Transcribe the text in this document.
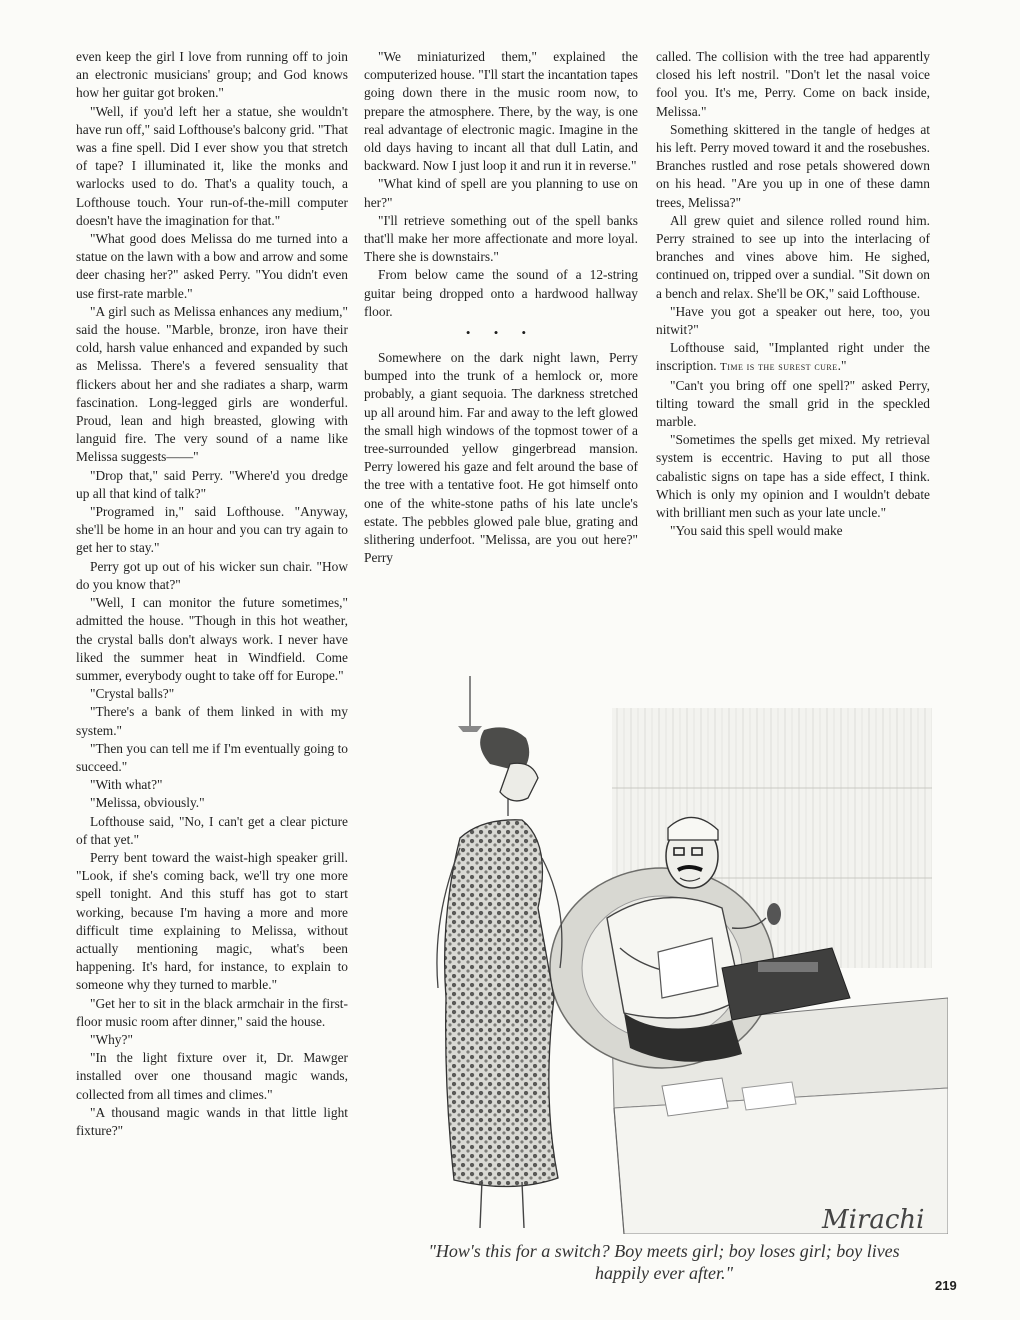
even keep the girl I love from running off to join an electronic musicians' group; and God knows how her guitar got broken."

"Well, if you'd left her a statue, she wouldn't have run off," said Lofthouse's balcony grid. "That was a fine spell. Did I ever show you that stretch of tape? I illuminated it, like the monks and warlocks used to do. That's a quality touch, a Lofthouse touch. Your run-of-the-mill computer doesn't have the imagination for that."

"What good does Melissa do me turned into a statue on the lawn with a bow and arrow and some deer chasing her?" asked Perry. "You didn't even use first-rate marble."

"A girl such as Melissa enhances any medium," said the house. "Marble, bronze, iron have their cold, harsh value enhanced and expanded by such as Melissa. There's a fevered sensuality that flickers about her and she radiates a sharp, warm fascination. Long-legged girls are wonderful. Proud, lean and high breasted, glowing with languid fire. The very sound of a name like Melissa suggests——"

"Drop that," said Perry. "Where'd you dredge up all that kind of talk?"

"Programed in," said Lofthouse. "Anyway, she'll be home in an hour and you can try again to get her to stay."

Perry got up out of his wicker sun chair. "How do you know that?"

"Well, I can monitor the future sometimes," admitted the house. "Though in this hot weather, the crystal balls don't always work. I never have liked the summer heat in Windfield. Come summer, everybody ought to take off for Europe."

"Crystal balls?"

"There's a bank of them linked in with my system."

"Then you can tell me if I'm eventually going to succeed."

"With what?"

"Melissa, obviously."

Lofthouse said, "No, I can't get a clear picture of that yet."

Perry bent toward the waist-high speaker grill. "Look, if she's coming back, we'll try one more spell tonight. And this stuff has got to start working, because I'm having a more and more difficult time explaining to Melissa, without actually mentioning magic, what's been happening. It's hard, for instance, to explain to someone why they turned to marble."

"Get her to sit in the black armchair in the first-floor music room after dinner," said the house.

"Why?"

"In the light fixture over it, Dr. Mawger installed over one thousand magic wands, collected from all times and climes."

"A thousand magic wands in that little light fixture?"

"We miniaturized them," explained the computerized house. "I'll start the incantation tapes going down there in the music room now, to prepare the atmosphere. There, by the way, is one real advantage of electronic magic. Imagine in the old days having to incant all that dull Latin, and backward. Now I just loop it and run it in reverse."

"What kind of spell are you planning to use on her?"

"I'll retrieve something out of the spell banks that'll make her more affectionate and more loyal. There she is downstairs."

From below came the sound of a 12-string guitar being dropped onto a hardwood hallway floor.

• • •

Somewhere on the dark night lawn, Perry bumped into the trunk of a hemlock or, more probably, a giant sequoia. The darkness stretched up all around him. Far and away to the left glowed the small high windows of the topmost tower of a tree-surrounded yellow gingerbread mansion. Perry lowered his gaze and felt around the base of the tree with a tentative foot. He got himself onto one of the white-stone paths of his late uncle's estate. The pebbles glowed pale blue, grating and slithering underfoot. "Melissa, are you out here?" Perry

called. The collision with the tree had apparently closed his left nostril. "Don't let the nasal voice fool you. It's me, Perry. Come on back inside, Melissa."

Something skittered in the tangle of hedges at his left. Perry moved toward it and the rosebushes. Branches rustled and rose petals showered down on his head. "Are you up in one of these damn trees, Melissa?"

All grew quiet and silence rolled round him. Perry strained to see up into the interlacing of branches and vines above him. He sighed, continued on, tripped over a sundial. "Sit down on a bench and relax. She'll be OK," said Lofthouse.

"Have you got a speaker out here, too, you nitwit?"

Lofthouse said, "Implanted right under the inscription. Time is the surest cure."

"Can't you bring off one spell?" asked Perry, tilting toward the small grid in the speckled marble.

"Sometimes the spells get mixed. My retrieval system is eccentric. Having to put all those cabalistic signs on tape has a side effect, I think. Which is only my opinion and I wouldn't debate with brilliant men such as your late uncle."

"You said this spell would make

Mirachi
"How's this for a switch? Boy meets girl; boy loses girl; boy lives happily ever after."
219
